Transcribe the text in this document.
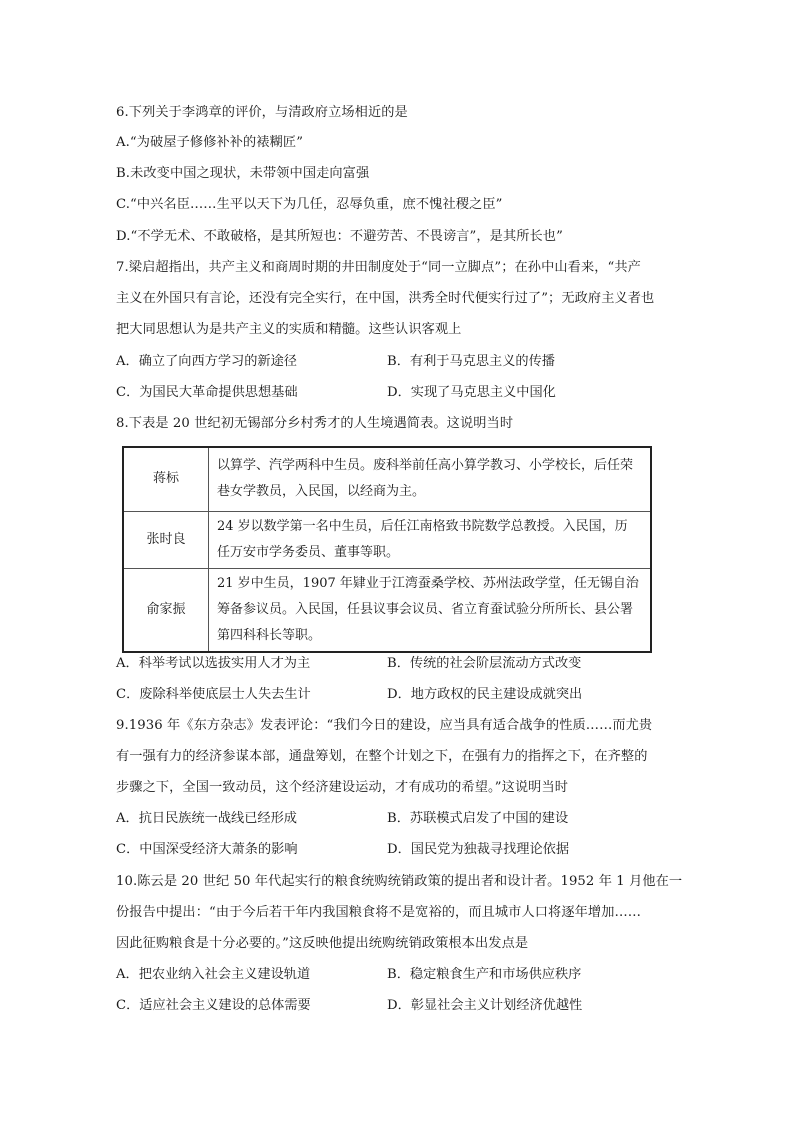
6.下列关于李鸿章的评价，与清政府立场相近的是
A.“为破屋子修修补补的裱糊匠”
B.未改变中国之现状，未带领中国走向富强
C.“中兴名臣……生平以天下为几任，忍辱负重，庶不愧社稷之臣”
D.“不学无术、不敢破格，是其所短也：不避劳苦、不畏谤言”，是其所长也”
7.梁启超指出，共产主义和商周时期的井田制度处于“同一立脚点”；在孙中山看来，“共产
主义在外国只有言论，还没有完全实行，在中国，洪秀全时代便实行过了”；无政府主义者也
把大同思想认为是共产主义的实质和精髓。这些认识客观上
A．确立了向西方学习的新途径	B．有利于马克思主义的传播
C．为国民大革命提供思想基础	D．实现了马克思主义中国化
8.下表是 20 世纪初无锡部分乡村秀才的人生境遇简表。这说明当时
蒋标	以算学、汽学两科中生员。废科举前任高小算学教习、小学校长，后任荣
巷女学教员，入民国，以经商为主。

张时良	24 岁以数学第一名中生员，后任江南格致书院数学总教授。入民国，历
任万安市学务委员、董事等职。

俞家振	21 岁中生员，1907 年肄业于江湾蚕桑学校、苏州法政学堂，任无锡自治
筹备参议员。入民国，任县议事会议员、省立育蚕试验分所所长、县公署
第四科科长等职。
A．科举考试以选拔实用人才为主	B．传统的社会阶层流动方式改变
C．废除科举使底层士人失去生计	D．地方政权的民主建设成就突出
9.1936 年《东方杂志》发表评论：“我们今日的建设，应当具有适合战争的性质……而尤贵
有一强有力的经济参谋本部，通盘筹划，在整个计划之下，在强有力的指挥之下，在齐整的
步骤之下，全国一致动员，这个经济建设运动，才有成功的希望。”这说明当时
A．抗日民族统一战线已经形成	B．苏联模式启发了中国的建设
C．中国深受经济大萧条的影响	D．国民党为独裁寻找理论依据
10.陈云是 20 世纪 50 年代起实行的粮食统购统销政策的提出者和设计者。1952 年 1 月他在一
份报告中提出：“由于今后若干年内我国粮食将不是宽裕的，而且城市人口将逐年增加……
因此征购粮食是十分必要的。”这反映他提出统购统销政策根本出发点是
A．把农业纳入社会主义建设轨道	B．稳定粮食生产和市场供应秩序
C．适应社会主义建设的总体需要	D．彰显社会主义计划经济优越性
